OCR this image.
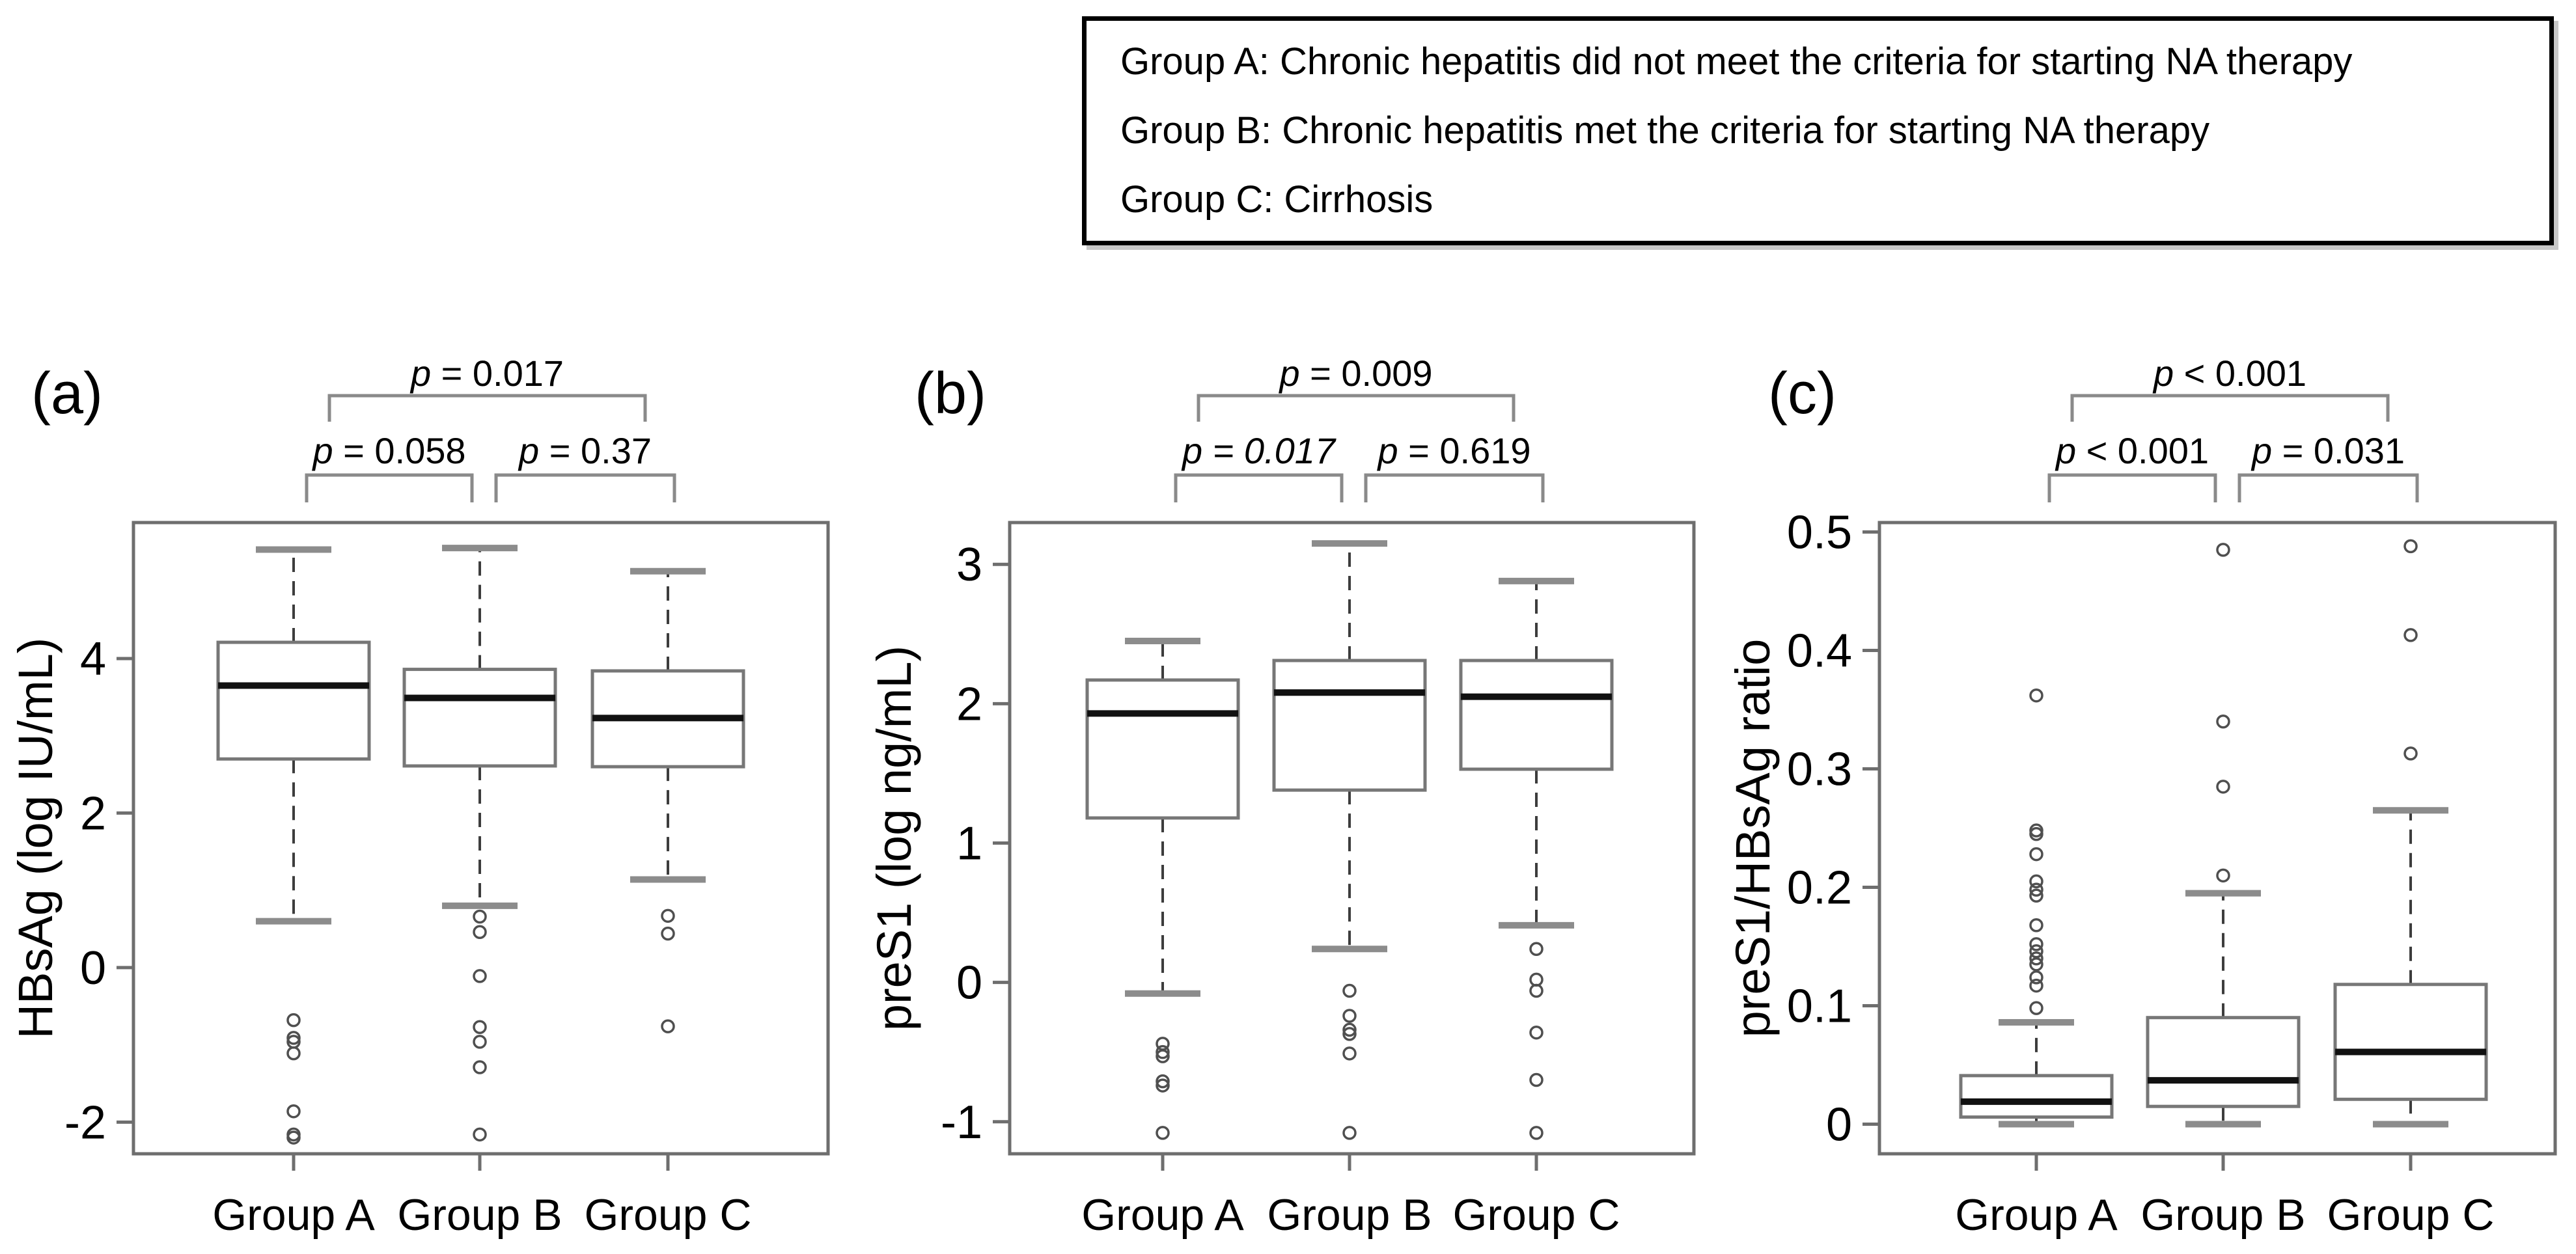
Group A: Chronic hepatitis did not meet the criteria for starting NA therapy
Group B: Chronic hepatitis met the criteria for starting NA therapy
Group C: Cirrhosis
(a)	p = 0.017
p = 0.058 p = 0.37
-2
0
2
4
HBsAg (log IU/mL)
Group A Group B Group C
(b)	p = 0.009
p = 0.017 p = 0.619
-1
0
1
2
3
preS1 (log ng/mL)
Group A Group B Group C
(c)	p < 0.001
p < 0.001 p = 0.031
0
0.1
0.2
0.3
0.4
0.5
preS1/HBsAg ratio
Group A Group B Group C
